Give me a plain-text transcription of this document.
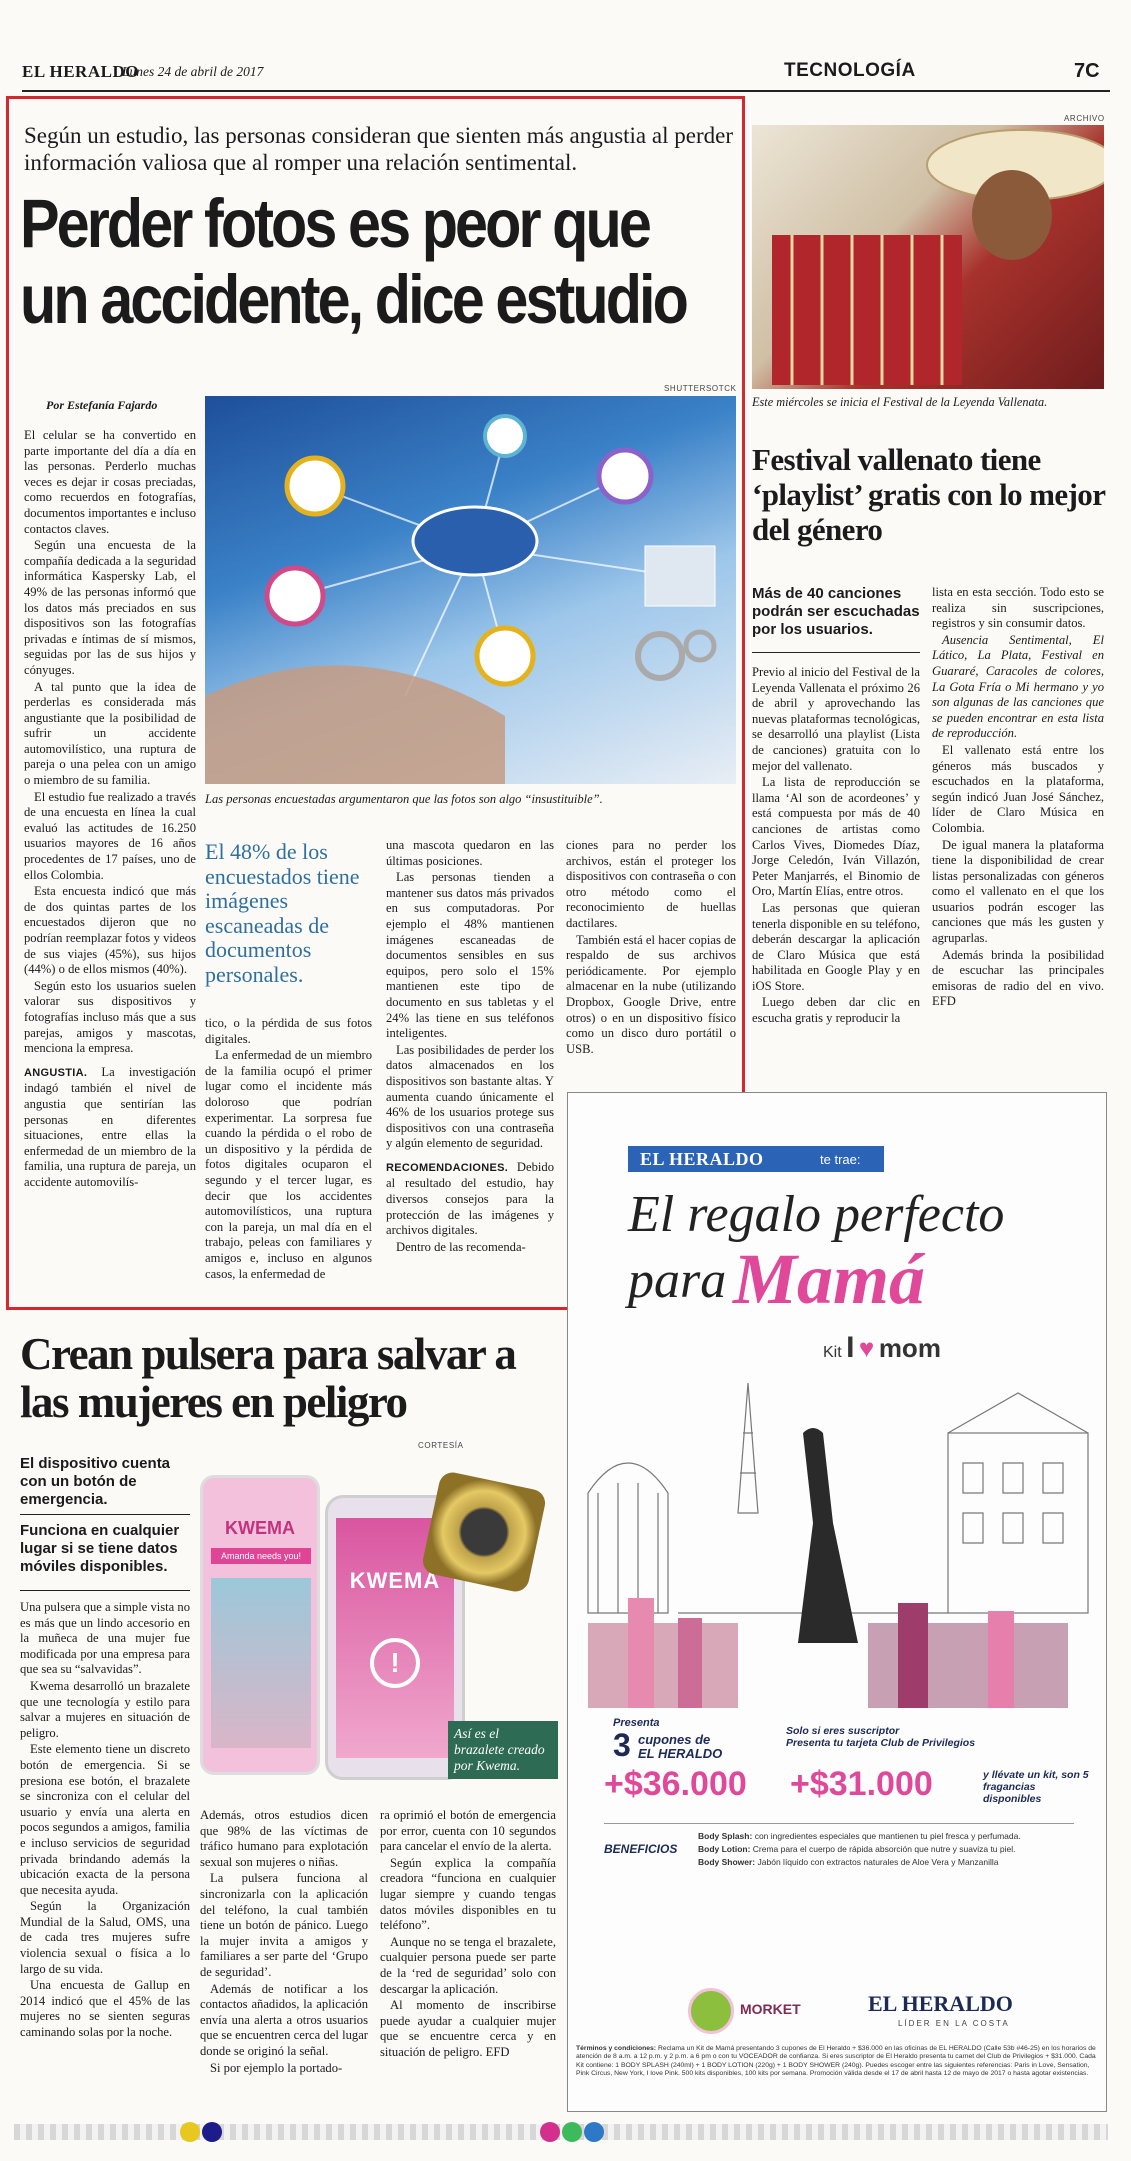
EL HERALDO
Lunes 24 de abril de 2017	TECNOLOGÍA	7C
Según un estudio, las personas consideran que sienten más angustia al perder información valiosa que al romper una relación sentimental.
Perder fotos es peor que
un accidente, dice estudio
SHUTTERSOTCK
Por Estefanía Fajardo
Las personas encuestadas argumentaron que las fotos son algo “insustituible”.

El celular se ha convertido en parte importante del día a día en las personas. Perderlo muchas veces es dejar ir cosas preciadas, como recuerdos en fotografías, documentos importantes e incluso contactos claves.

Según una encuesta de la compañía dedicada a la seguridad informática Kaspersky Lab, el 49% de las personas informó que los datos más preciados en sus dispositivos son las fotografías privadas e íntimas de sí mismos, seguidas por las de sus hijos y cónyuges.

A tal punto que la idea de perderlas es considerada más angustiante que la posibilidad de sufrir un accidente automovilístico, una ruptura de pareja o una pelea con un amigo o miembro de su familia.

El estudio fue realizado a través de una encuesta en línea la cual evaluó las actitudes de 16.250 usuarios mayores de 16 años procedentes de 17 países, uno de ellos Colombia.

Esta encuesta indicó que más de dos quintas partes de los encuestados dijeron que no podrían reemplazar fotos y videos de sus viajes (45%), sus hijos (44%) o de ellos mismos (40%).

Según esto los usuarios suelen valorar sus dispositivos y fotografías incluso más que a sus parejas, amigos y mascotas, menciona la empresa.

ANGUSTIA. La investigación indagó también el nivel de angustia que sentirían las personas en diferentes situaciones, entre ellas la enfermedad de un miembro de la familia, una ruptura de pareja, un accidente automovilís-

El 48% de los encuestados tiene imágenes escaneadas de documentos personales.

tico, o la pérdida de sus fotos digitales.

La enfermedad de un miembro de la familia ocupó el primer lugar como el incidente más doloroso que podrían experimentar. La sorpresa fue cuando la pérdida o el robo de un dispositivo y la pérdida de fotos digitales ocuparon el segundo y el tercer lugar, es decir que los accidentes automovilísticos, una ruptura con la pareja, un mal día en el trabajo, peleas con familiares y amigos e, incluso en algunos casos, la enfermedad de

una mascota quedaron en las últimas posiciones.

Las personas tienden a mantener sus datos más privados en sus computadoras. Por ejemplo el 48% mantienen imágenes escaneadas de documentos sensibles en sus equipos, pero solo el 15% mantienen este tipo de documento en sus tabletas y el 24% las tiene en sus teléfonos inteligentes.

Las posibilidades de perder los datos almacenados en los dispositivos son bastante altas. Y aumenta cuando únicamente el 46% de los usuarios protege sus dispositivos con una contraseña y algún elemento de seguridad.

RECOMENDACIONES. Debido al resultado del estudio, hay diversos consejos para la protección de las imágenes y archivos digitales.

Dentro de las recomenda-

ciones para no perder los archivos, están el proteger los dispositivos con contraseña o con otro método como el reconocimiento de huellas dactilares.

También está el hacer copias de respaldo de sus archivos periódicamente. Por ejemplo almacenar en la nube (utilizando Dropbox, Google Drive, entre otros) o en un dispositivo físico como un disco duro portátil o USB.

ARCHIVO
Este miércoles se inicia el Festival de la Leyenda Vallenata.
Festival vallenato tiene ‘playlist’ gratis con lo mejor del género
Más de 40 canciones podrán ser escuchadas por los usuarios.

Previo al inicio del Festival de la Leyenda Vallenata el próximo 26 de abril y aprovechando las nuevas plataformas tecnológicas, se desarrolló una playlist (Lista de canciones) gratuita con lo mejor del vallenato.

La lista de reproducción se llama ‘Al son de acordeones’ y está compuesta por más de 40 canciones de artistas como Carlos Vives, Diomedes Díaz, Jorge Celedón, Iván Villazón, Peter Manjarrés, el Binomio de Oro, Martín Elías, entre otros.

Las personas que quieran tenerla disponible en su teléfono, deberán descargar la aplicación de Claro Música que está habilitada en Google Play y en iOS Store.

Luego deben dar clic en escucha gratis y reproducir la

lista en esta sección. Todo esto se realiza sin suscripciones, registros y sin consumir datos.

Ausencia Sentimental, El Lático, La Plata, Festival en Guararé, Caracoles de colores, La Gota Fría o Mi hermano y yo son algunas de las canciones que se pueden encontrar en esta lista de reproducción.

El vallenato está entre los géneros más buscados y escuchados en la plataforma, según indicó Juan José Sánchez, líder de Claro Música en Colombia.

De igual manera la plataforma tiene la disponibilidad de crear listas personalizadas con géneros como el vallenato en el que los usuarios podrán escoger las canciones que más les gusten y agruparlas.

Además brinda la posibilidad de escuchar las principales emisoras de radio del en vivo. EFD

Crean pulsera para salvar a las mujeres en peligro
El dispositivo cuenta con un botón de emergencia.
Funciona en cualquier lugar si se tiene datos móviles disponibles.
CORTESÍA
KWEMA
Amanda needs you!
KWEMA
!
Así es el brazalete creado por Kwema.

Una pulsera que a simple vista no es más que un lindo accesorio en la muñeca de una mujer fue modificada por una empresa para que sea su “salvavidas”.

Kwema desarrolló un brazalete que une tecnología y estilo para salvar a mujeres en situación de peligro.

Este elemento tiene un discreto botón de emergencia. Si se presiona ese botón, el brazalete se sincroniza con el celular del usuario y envía una alerta en pocos segundos a amigos, familia e incluso servicios de seguridad privada brindando además la ubicación exacta de la persona que necesita ayuda.

Según la Organización Mundial de la Salud, OMS, una de cada tres mujeres sufre violencia sexual o física a lo largo de su vida.

Una encuesta de Gallup en 2014 indicó que el 45% de las mujeres no se sienten seguras caminando solas por la noche.

Además, otros estudios dicen que 98% de las víctimas de tráfico humano para explotación sexual son mujeres o niñas.

La pulsera funciona al sincronizarla con la aplicación del teléfono, la cual también tiene un botón de pánico. Luego la mujer invita a amigos y familiares a ser parte del ‘Grupo de seguridad’.

Además de notificar a los contactos añadidos, la aplicación envía una alerta a otros usuarios que se encuentren cerca del lugar donde se originó la señal.

Si por ejemplo la portado-

ra oprimió el botón de emergencia por error, cuenta con 10 segundos para cancelar el envío de la alerta.

Según explica la compañía creadora “funciona en cualquier lugar siempre y cuando tengas datos móviles disponibles en tu teléfono”.

Aunque no se tenga el brazalete, cualquier persona puede ser parte de la ‘red de seguridad’ solo con descargar la aplicación.

Al momento de inscribirse puede ayudar a cualquier mujer que se encuentre cerca y en situación de peligro. EFD

EL HERALDO	te trae:
El regalo perfecto
para Mamá
Kit I ♥ mom
Presenta
3 cupones de
EL HERALDO
+$36.000
Solo si eres suscriptor
Presenta tu tarjeta Club de Privilegios
+$31.000	y llévate un kit, son 5 fragancias disponibles
BENEFICIOS
Body Splash: con ingredientes especiales que mantienen tu piel fresca y perfumada.
Body Lotion: Crema para el cuerpo de rápida absorción que nutre y suaviza tu piel.
Body Shower: Jabón líquido con extractos naturales de Aloe Vera y Manzanilla
MORKET	EL HERALDO
LÍDER EN LA COSTA
Términos y condiciones: Reclama un Kit de Mamá presentando 3 cupones de El Heraldo + $36.000 en las oficinas de EL HERALDO (Calle 53b #46-25) en los horarios de atención de 8 a.m. a 12 p.m. y 2 p.m. a 6 pm o con tu VOCEADOR de confianza. Si eres suscriptor de El Heraldo presenta tu carnet del Club de Privilegios + $31.000. Cada Kit contiene: 1 BODY SPLASH (240ml) + 1 BODY LOTION (220g) + 1 BODY SHOWER (240g). Puedes escoger entre las siguientes referencias: Paris in Love, Sensation, Pink Circus, New York, I love Pink. 500 kits disponibles, 100 kits por semana. Promoción válida desde el 17 de abril hasta 12 de mayo de 2017 o hasta agotar existencias.
